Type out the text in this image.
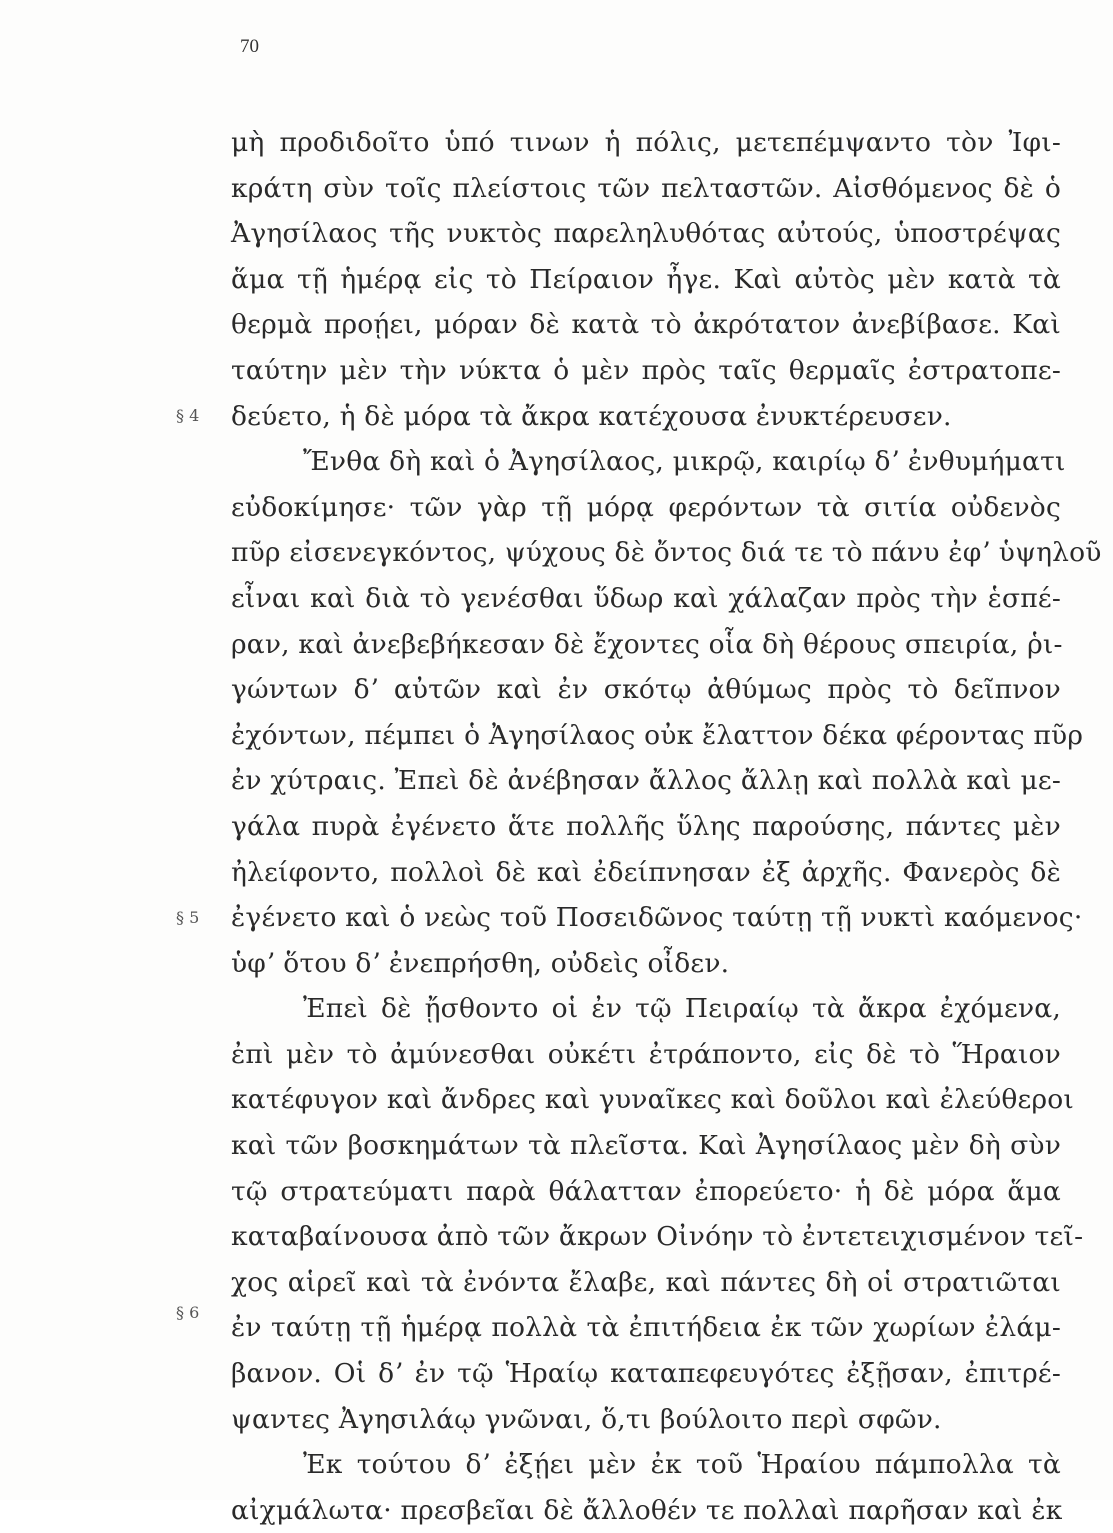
70
§ 4
§ 5
§ 6
μὴ προδιδοῖτο ὑπό τινων ἡ πόλις, μετεπέμψαντο τὸν Ἰφι-
κράτη σὺν τοῖς πλείστοις τῶν πελταστῶν. Αἰσθόμενος δὲ ὁ
Ἀγησίλαος τῆς νυκτὸς παρεληλυθότας αὐτούς, ὑποστρέψας
ἅμα τῇ ἡμέρᾳ εἰς τὸ Πείραιον ἦγε. Καὶ αὐτὸς μὲν κατὰ τὰ
θερμὰ προῄει, μόραν δὲ κατὰ τὸ ἀκρότατον ἀνεβίβασε. Καὶ
ταύτην μὲν τὴν νύκτα ὁ μὲν πρὸς ταῖς θερμαῖς ἐστρατοπε-
δεύετο, ἡ δὲ μόρα τὰ ἄκρα κατέχουσα ἐνυκτέρευσεν.
Ἔνθα δὴ καὶ ὁ Ἀγησίλαος, μικρῷ, καιρίῳ δʼ ἐνθυμήματι
εὐδοκίμησε· τῶν γὰρ τῇ μόρᾳ φερόντων τὰ σιτία οὐδενὸς
πῦρ εἰσενεγκόντος, ψύχους δὲ ὄντος διά τε τὸ πάνυ ἐφʼ ὑψηλοῦ
εἶναι καὶ διὰ τὸ γενέσθαι ὕδωρ καὶ χάλαζαν πρὸς τὴν ἑσπέ-
ραν, καὶ ἀνεβεβήκεσαν δὲ ἔχοντες οἷα δὴ θέρους σπειρία, ῥι-
γώντων δʼ αὐτῶν καὶ ἐν σκότῳ ἀθύμως πρὸς τὸ δεῖπνον
ἐχόντων, πέμπει ὁ Ἀγησίλαος οὐκ ἔλαττον δέκα φέροντας πῦρ
ἐν χύτραις. Ἐπεὶ δὲ ἀνέβησαν ἄλλος ἄλλῃ καὶ πολλὰ καὶ με-
γάλα πυρὰ ἐγένετο ἅτε πολλῆς ὕλης παρούσης, πάντες μὲν
ἠλείφοντο, πολλοὶ δὲ καὶ ἐδείπνησαν ἐξ ἀρχῆς. Φανερὸς δὲ
ἐγένετο καὶ ὁ νεὼς τοῦ Ποσειδῶνος ταύτῃ τῇ νυκτὶ καόμενος·
ὑφʼ ὅτου δʼ ἐνεπρήσθη, οὐδεὶς οἶδεν.
Ἐπεὶ δὲ ᾔσθοντο οἱ ἐν τῷ Πειραίῳ τὰ ἄκρα ἐχόμενα,
ἐπὶ μὲν τὸ ἀμύνεσθαι οὐκέτι ἐτράποντο, εἰς δὲ τὸ Ἥραιον
κατέφυγον καὶ ἄνδρες καὶ γυναῖκες καὶ δοῦλοι καὶ ἐλεύθεροι
καὶ τῶν βοσκημάτων τὰ πλεῖστα. Καὶ Ἀγησίλαος μὲν δὴ σὺν
τῷ στρατεύματι παρὰ θάλατταν ἐπορεύετο· ἡ δὲ μόρα ἅμα
καταβαίνουσα ἀπὸ τῶν ἄκρων Οἰνόην τὸ ἐντετειχισμένον τεῖ-
χος αἱρεῖ καὶ τὰ ἐνόντα ἔλαβε, καὶ πάντες δὴ οἱ στρατιῶται
ἐν ταύτῃ τῇ ἡμέρᾳ πολλὰ τὰ ἐπιτήδεια ἐκ τῶν χωρίων ἐλάμ-
βανον. Οἱ δʼ ἐν τῷ Ἡραίῳ καταπεφευγότες ἐξῇσαν, ἐπιτρέ-
ψαντες Ἀγησιλάῳ γνῶναι, ὅ,τι βούλοιτο περὶ σφῶν.
Ἐκ τούτου δʼ ἐξῄει μὲν ἐκ τοῦ Ἡραίου πάμπολλα τὰ
αἰχμάλωτα· πρεσβεῖαι δὲ ἄλλοθέν τε πολλαὶ παρῆσαν καὶ ἐκ
